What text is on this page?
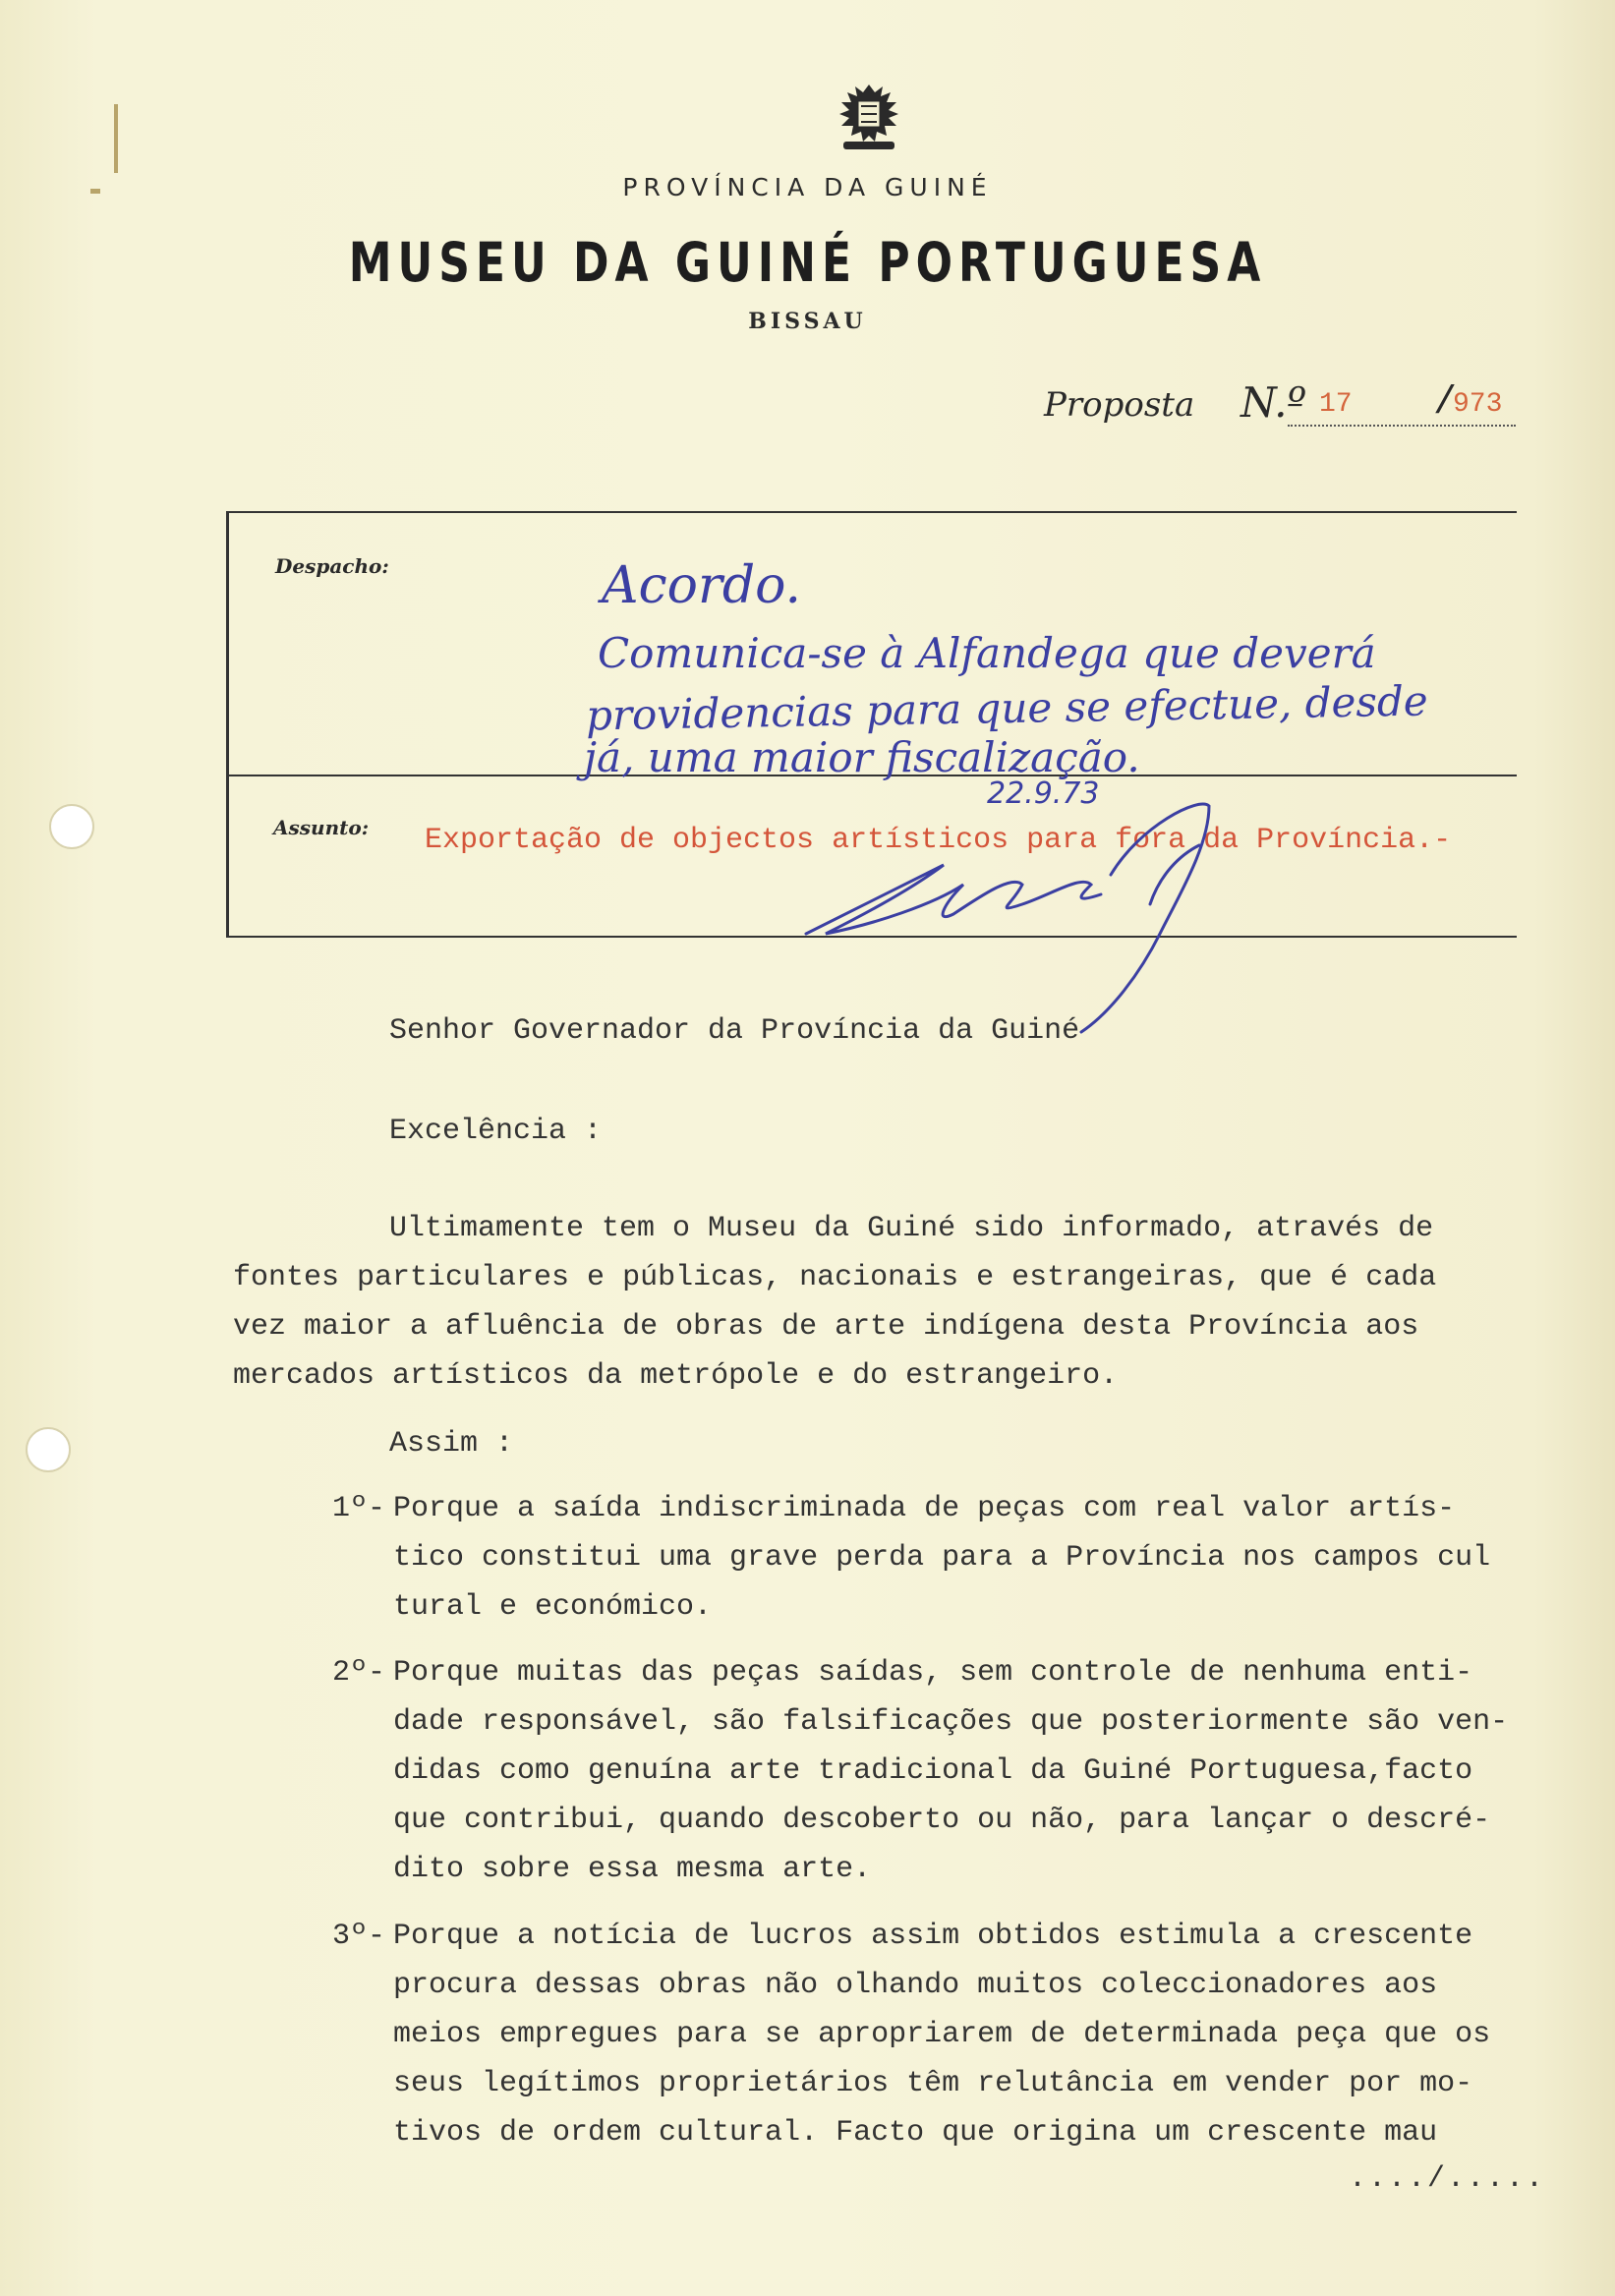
PROVÍNCIA DA GUINÉ
MUSEU DA GUINÉ PORTUGUESA
BISSAU
Proposta N.º 17 /
973
Despacho:
Assunto: Exportação de objectos artísticos para fora da Província.-
Acordo.
Comunica-se à Alfandega que deverá
providencias para que se efectue, desde
já, uma maior fiscalização.
22.9.73
Senhor Governador da Província da Guiné
Excelência :
Ultimamente tem o Museu da Guiné sido informado, através de
fontes particulares e públicas, nacionais e estrangeiras, que é cada
vez maior a afluência de obras de arte indígena desta Província aos
mercados artísticos da metrópole e do estrangeiro.
Assim :
1º- Porque a saída indiscriminada de peças com real valor artís-
tico constitui uma grave perda para a Província nos campos cul
tural e económico.
2º- Porque muitas das peças saídas, sem controle de nenhuma enti-
dade responsável, são falsificações que posteriormente são ven-
didas como genuína arte tradicional da Guiné Portuguesa,facto
que contribui, quando descoberto ou não, para lançar o descré-
dito sobre essa mesma arte.
3º- Porque a notícia de lucros assim obtidos estimula a crescente
procura dessas obras não olhando muitos coleccionadores aos
meios empregues para se apropriarem de determinada peça que os
seus legítimos proprietários têm relutância em vender por mo-
tivos de ordem cultural. Facto que origina um crescente mau
..../.....
